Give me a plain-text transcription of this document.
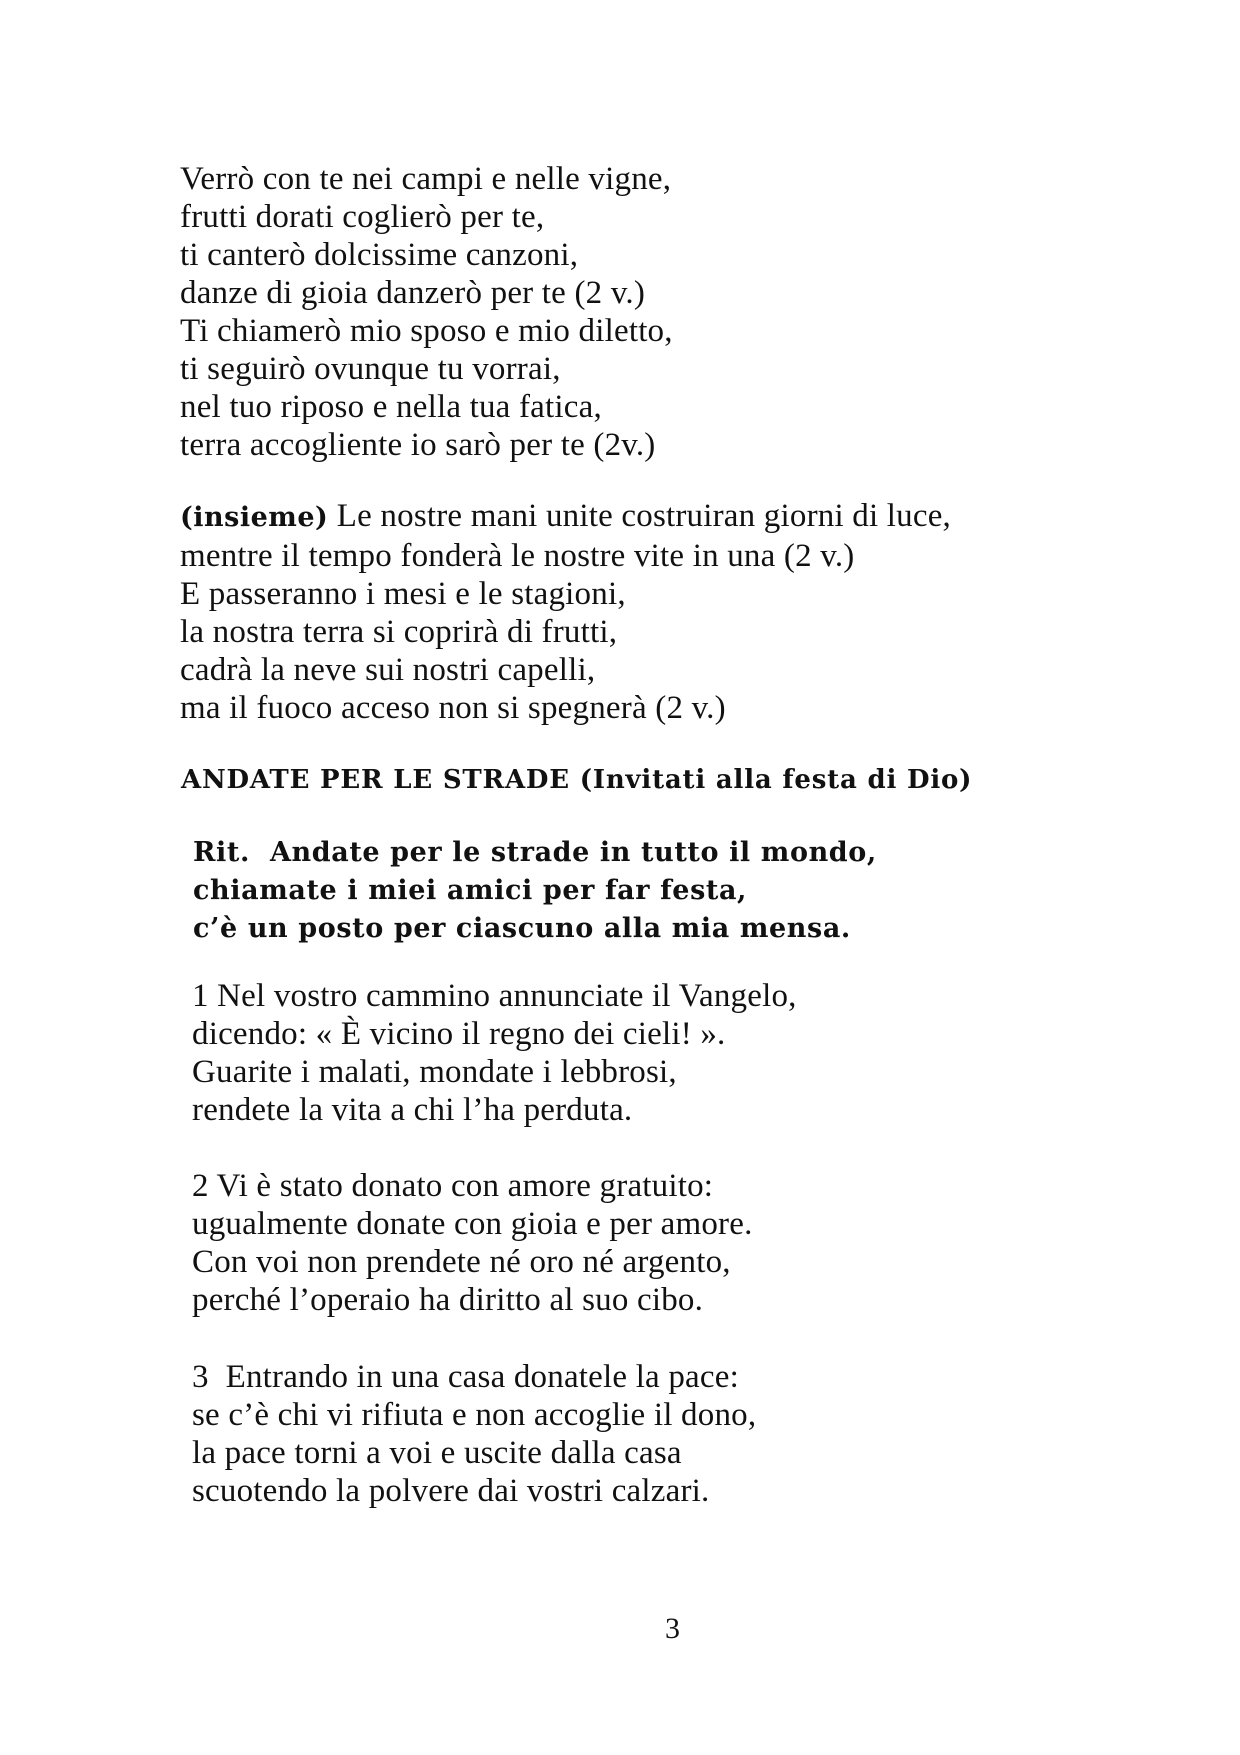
Verrò con te nei campi e nelle vigne,
frutti dorati coglierò per te,
ti canterò dolcissime canzoni,
danze di gioia danzerò per te (2 v.)
Ti chiamerò mio sposo e mio diletto,
ti seguirò ovunque tu vorrai,
nel tuo riposo e nella tua fatica,
terra accogliente io sarò per te (2v.)
(insieme) Le nostre mani unite costruiran giorni di luce,
mentre il tempo fonderà le nostre vite in una (2 v.)
E passeranno i mesi e le stagioni,
la nostra terra si coprirà di frutti,
cadrà la neve sui nostri capelli,
ma il fuoco acceso non si spegnerà (2 v.)
ANDATE PER LE STRADE (Invitati alla festa di Dio)
Rit.  Andate per le strade in tutto il mondo,
chiamate i miei amici per far festa,
c’è un posto per ciascuno alla mia mensa.
1 Nel vostro cammino annunciate il Vangelo,
dicendo: « È vicino il regno dei cieli! ».
Guarite i malati, mondate i lebbrosi,
rendete la vita a chi l’ha perduta.
2 Vi è stato donato con amore gratuito:
ugualmente donate con gioia e per amore.
Con voi non prendete né oro né argento,
perché l’operaio ha diritto al suo cibo.
3  Entrando in una casa donatele la pace:
se c’è chi vi rifiuta e non accoglie il dono,
la pace torni a voi e uscite dalla casa
scuotendo la polvere dai vostri calzari.
3
